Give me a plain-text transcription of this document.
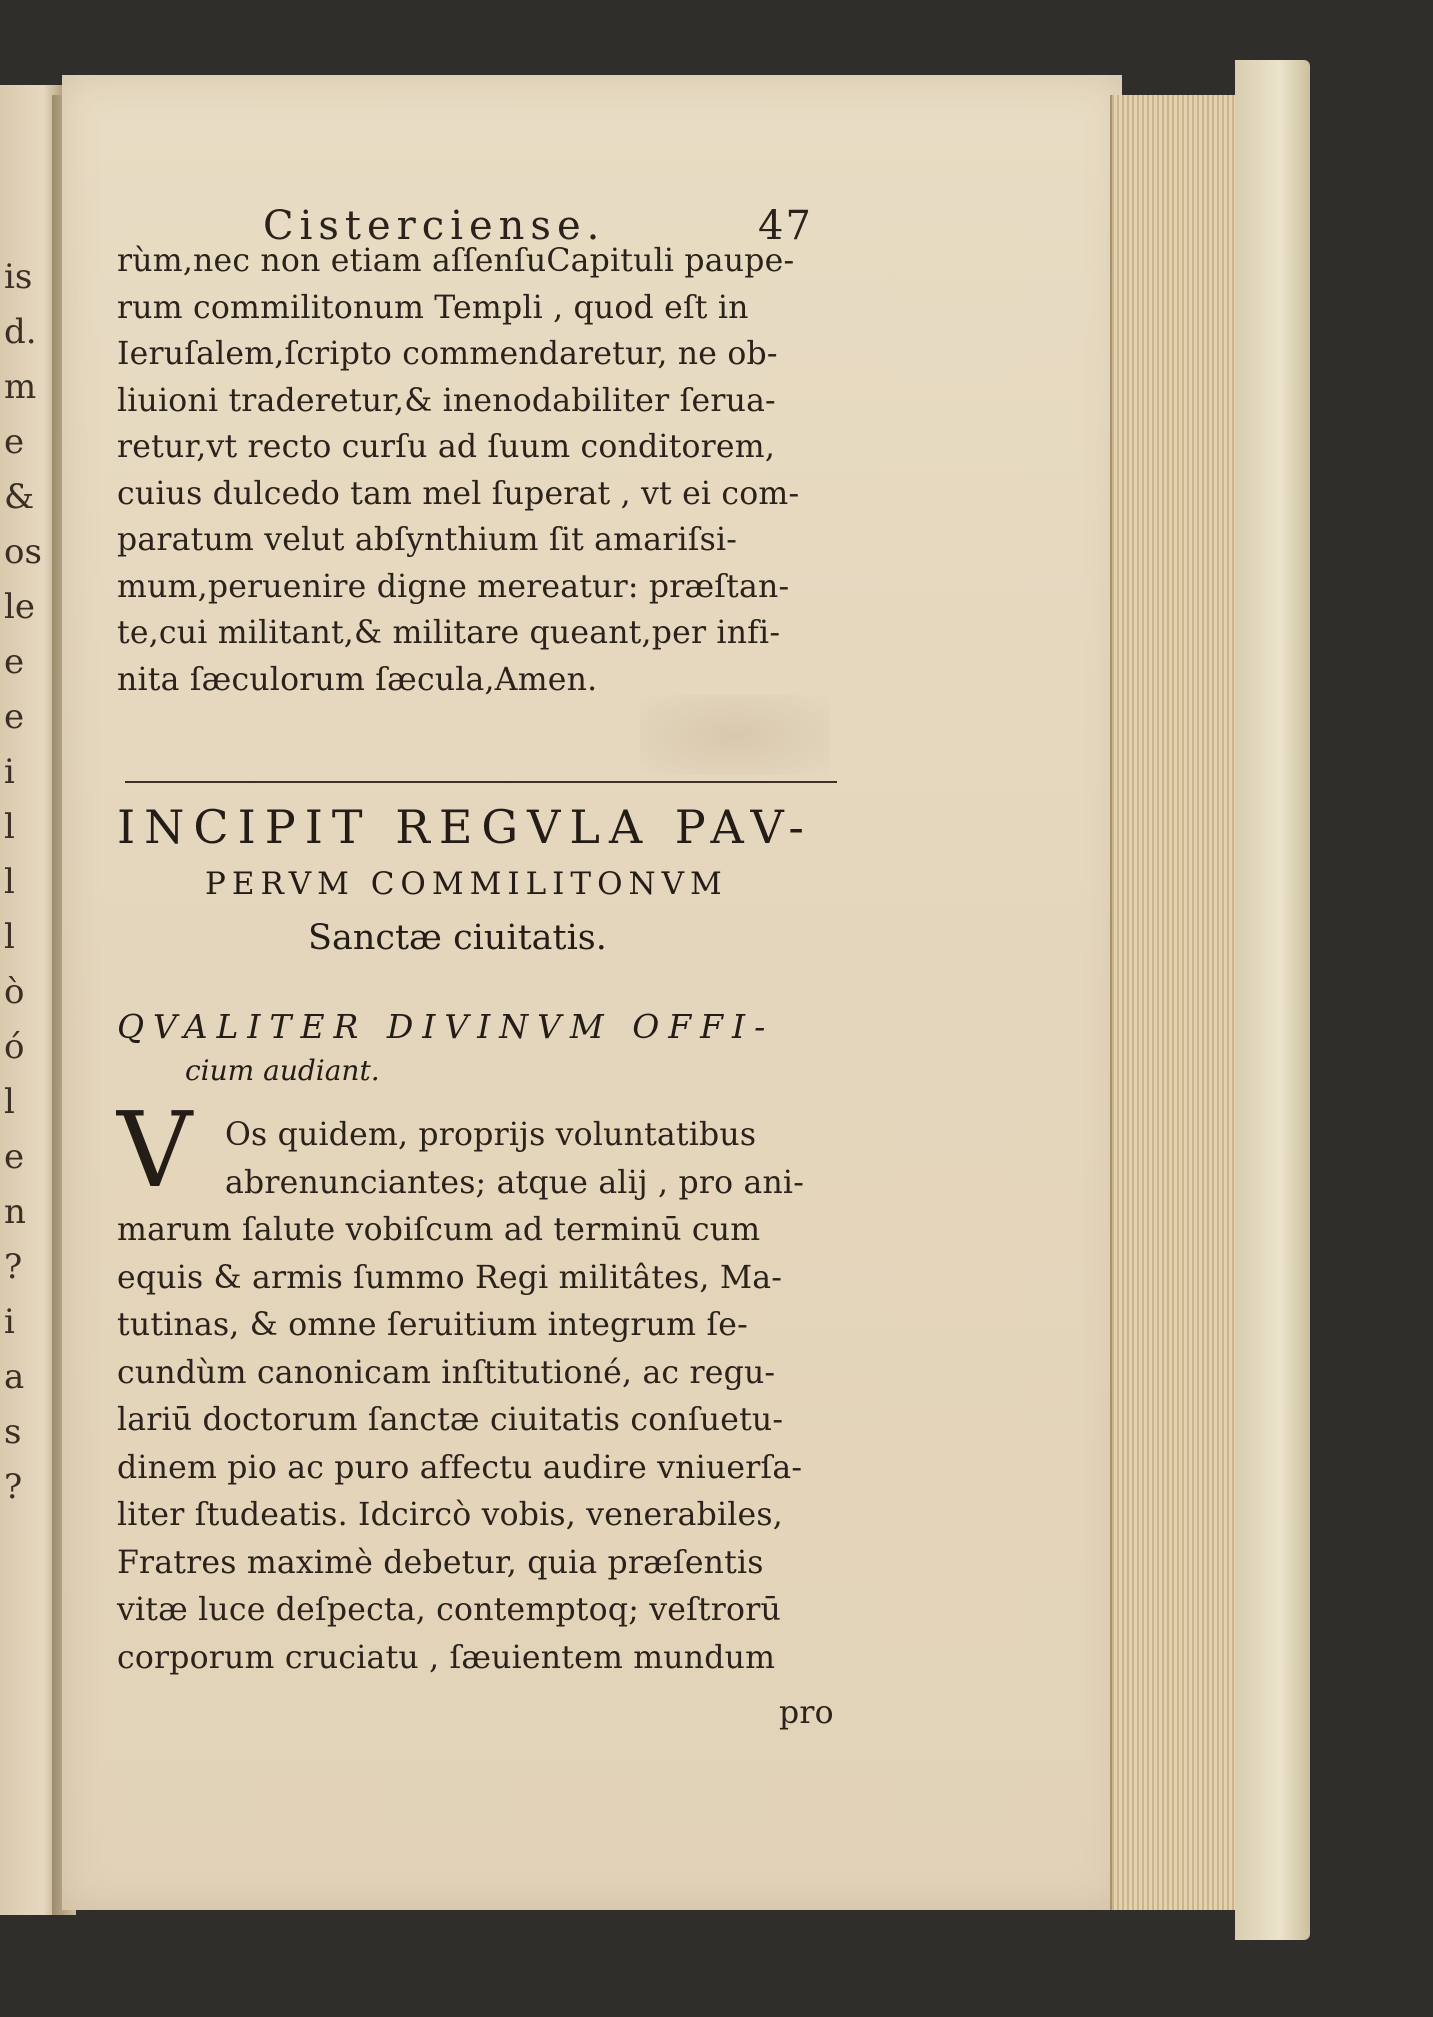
is
d.
m
e
&
os
le
e
e
i
l
l
l
ò
ó
l
e
n
?
i
a
s
?
Cisterciense.	47
rùm,nec non etiam aſſenſuCapituli paupe-
rum commilitonum Templi , quod eſt in
Ieruſalem,ſcripto commendaretur, ne ob-
liuioni traderetur,& inenodabiliter ſerua-
retur,vt recto curſu ad ſuum conditorem,
cuius dulcedo tam mel ſuperat , vt ei com-
paratum velut abſynthium ſit amariſsi-
mum,peruenire digne mereatur: præſtan-
te,cui militant,& militare queant,per infi-
nita ſæculorum ſæcula,Amen.
INCIPIT REGVLA PAV-
PERVM COMMILITONVM
Sanctæ ciuitatis.
QVALITER DIVINVM OFFI-
cium audiant.
V Os quidem, proprijs voluntatibus
abrenunciantes; atque alij , pro ani-
marum ſalute vobiſcum ad terminū cum
equis & armis ſummo Regi militâtes, Ma-
tutinas, & omne ſeruitium integrum ſe-
cundùm canonicam inſtitutioné, ac regu-
lariū doctorum ſanctæ ciuitatis conſuetu-
dinem pio ac puro affectu audire vniuerſa-
liter ſtudeatis. Idcircò vobis, venerabiles,
Fratres maximè debetur, quia præſentis
vitæ luce deſpecta, contemptoq; veſtrorū
corporum cruciatu , ſæuientem mundum
pro
